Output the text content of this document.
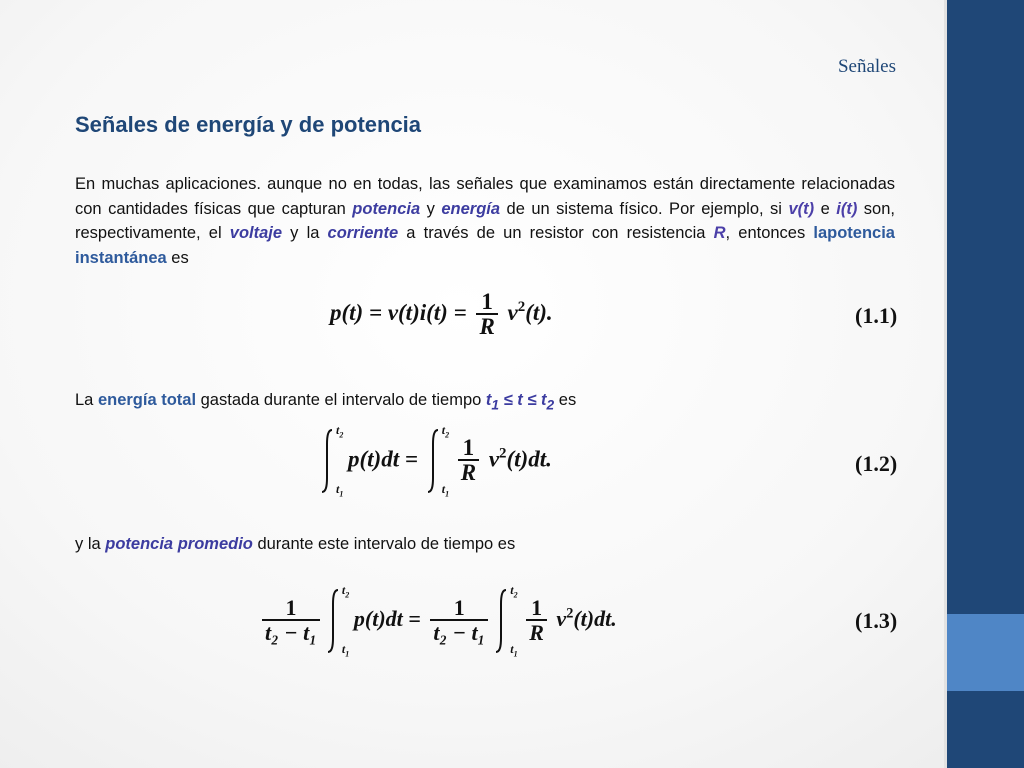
Señales
Señales de energía y de potencia
En muchas aplicaciones. aunque no en todas, las señales que examinamos están directamente relacionadas con cantidades físicas que capturan potencia y energía de un sistema físico. Por ejemplo, si v(t) e i(t) son, respectivamente, el voltaje y la corriente a través de un resistor con resistencia R, entonces lapotencia instantánea es
$p(t) = v(t)i(t) = \frac{1}{R} v^2(t)$.	(1.1)
La energía total gastada durante el intervalo de tiempo $t_1 \le t \le t_2$ es
$t_2$
$t_1$
p(t)dt =
$t_2$
$t_1$
$\frac{1}{R} v^2(t)dt$.	(1.2)
y la potencia promedio durante este intervalo de tiempo es
$\frac{1}{\text{t₂ − t₁}}$
$t_2$
$t_1$
$p(t)dt = \frac{1}{\text{t₂ − t₁}}$
$t_2$
$t_1$
$\frac{1}{R} v^2(t)dt$.	(1.3)
